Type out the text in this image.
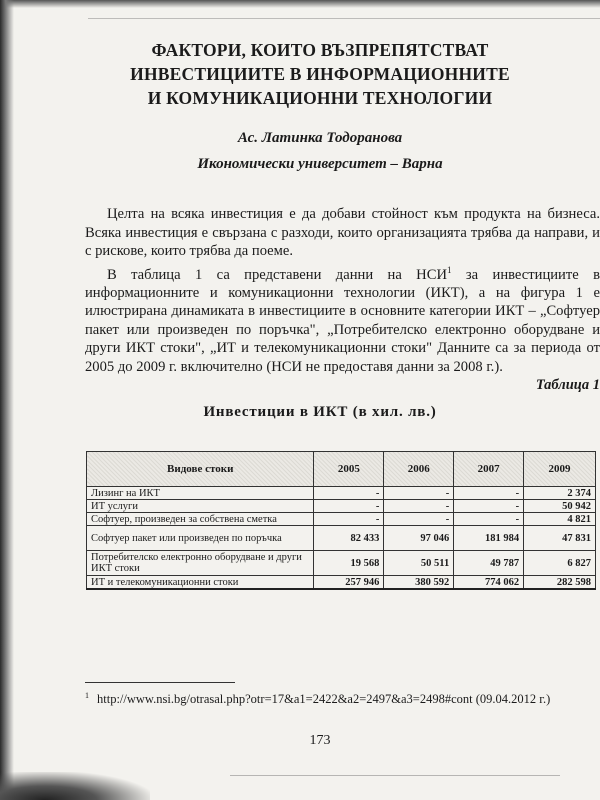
ФАКТОРИ, КОИТО ВЪЗПРЕПЯТСТВАТ
ИНВЕСТИЦИИТЕ В ИНФОРМАЦИОННИТЕ
И КОМУНИКАЦИОННИ ТЕХНОЛОГИИ
Ас. Латинка Тодоранова
Икономически университет – Варна

Целта на всяка инвестиция е да добави стойност към продукта на бизнеса. Всяка инвестиция е свързана с разходи, които организацията трябва да направи, и с рискове, които трябва да поеме.

В таблица 1 са представени данни на НСИ$^1$ за инвестициите в информационните и комуникационни технологии (ИКТ), а на фигура 1 е илюстрирана динамиката в инвестициите в основните категории ИКТ – „Софтуер пакет или произведен по поръчка", „Потребителско електронно оборудване и други ИКТ стоки", „ИТ и телекомуникационни стоки" Данните са за периода от 2005 до 2009 г. включително (НСИ не предоставя данни за 2008 г.).

Таблица 1
Инвестиции в ИКТ (в хил. лв.)
Видове стоки	2005	2006	2007	2009
Лизинг на ИКТ	-	-	-	2 374
ИТ услуги	-	-	-	50 942
Софтуер, произведен за собствена сметка	-	-	-	4 821
Софтуер пакет или произведен по поръчка	82 433	97 046	181 984	47 831
Потребителско електронно оборудване и други ИКТ стоки	19 568	50 511	49 787	6 827
ИТ и телекомуникационни стоки	257 946	380 592	774 062	282 598
$^1$ http://www.nsi.bg/otrasal.php?otr=17&a1=2422&a2=2497&a3=2498#cont (09.04.2012 г.)
173
